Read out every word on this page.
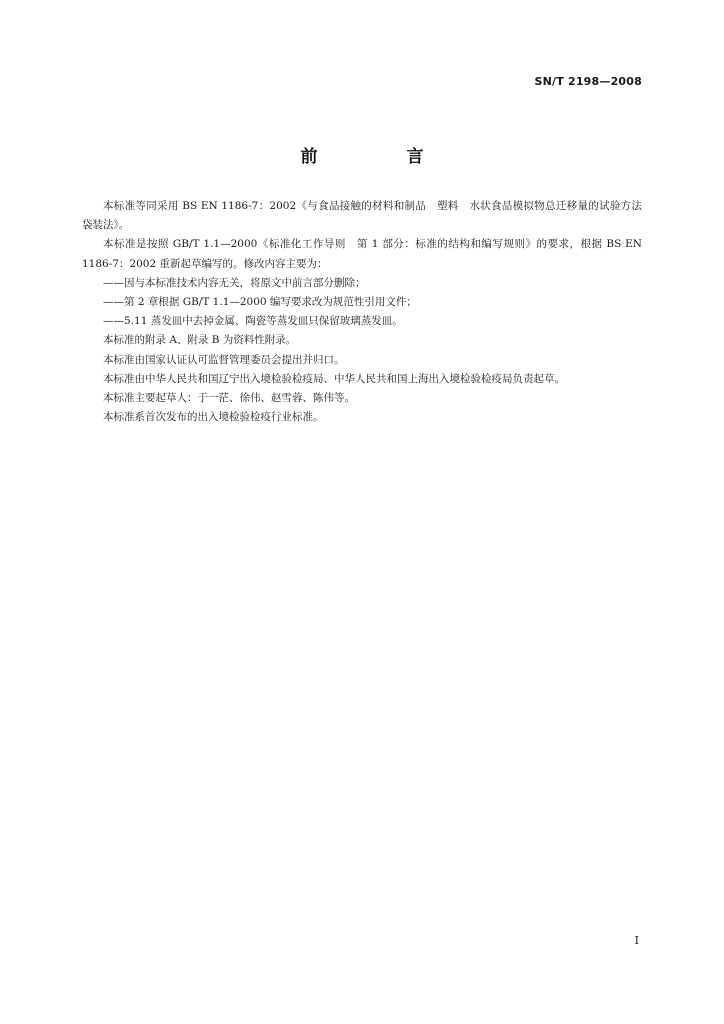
SN/T 2198—2008
前　言

本标准等同采用 BS EN 1186-7：2002《与食品接触的材料和制品　塑料　水状食品模拟物总迁移量的试验方法　袋装法》。

本标准是按照 GB/T 1.1—2000《标准化工作导则　第 1 部分：标准的结构和编写规则》的要求，根据 BS EN 1186-7：2002 重新起草编写的。修改内容主要为：

——因与本标准技术内容无关，将原文中前言部分删除；

——第 2 章根据 GB/T 1.1—2000 编写要求改为规范性引用文件；

——5.11 蒸发皿中去掉金属、陶瓷等蒸发皿只保留玻璃蒸发皿。

本标准的附录 A、附录 B 为资料性附录。

本标准由国家认证认可监督管理委员会提出并归口。

本标准由中华人民共和国辽宁出入境检验检疫局、中华人民共和国上海出入境检验检疫局负责起草。

本标准主要起草人：于一茫、徐伟、赵雪蓉、陈伟等。

本标准系首次发布的出入境检验检疫行业标准。

I
